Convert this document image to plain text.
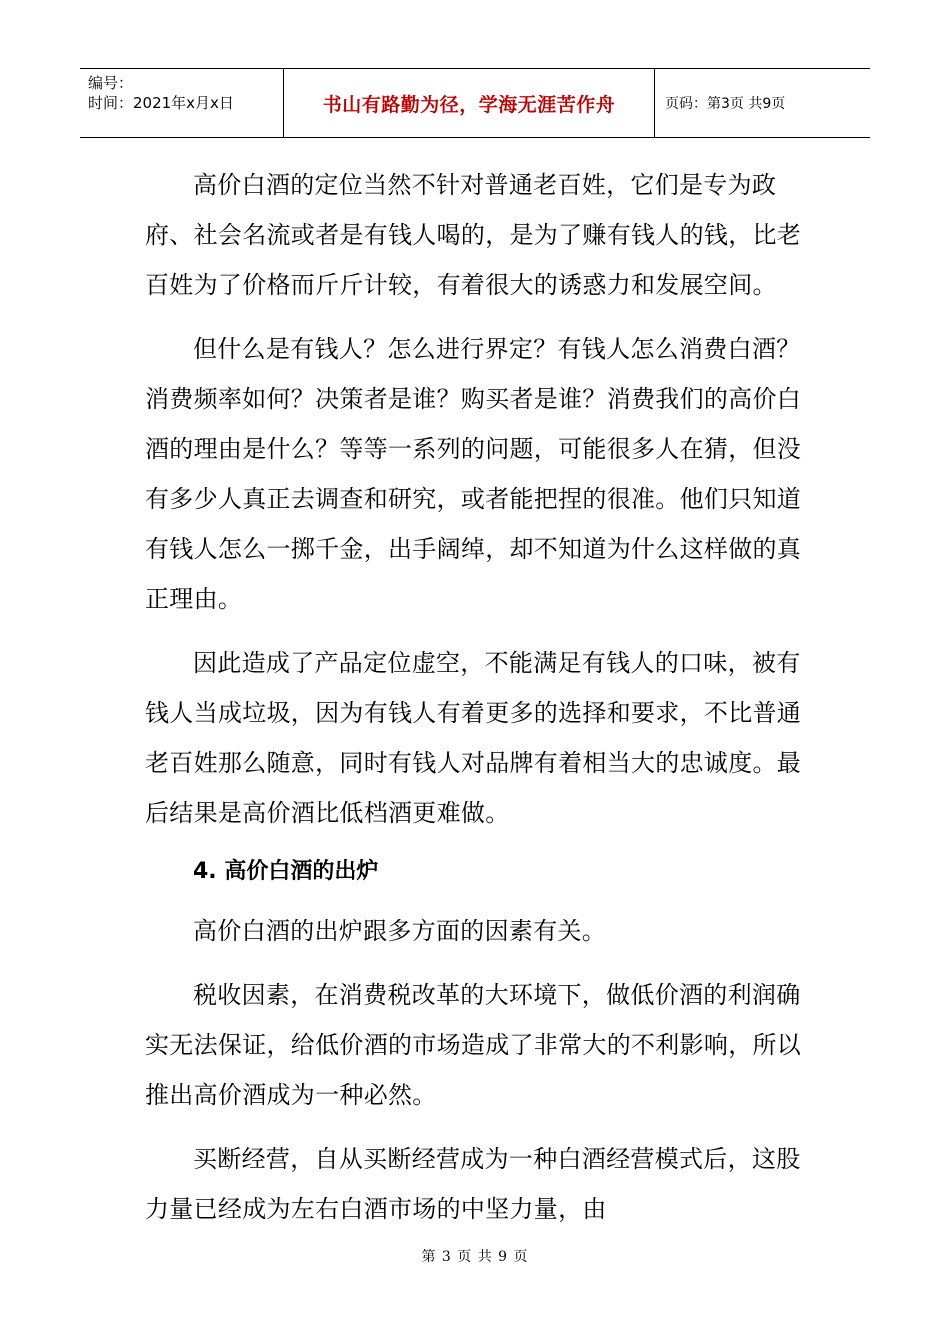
编号：
时间：2021年x月x日	书山有路勤为径，学海无涯苦作舟	页码：第3页 共9页

高价白酒的定位当然不针对普通老百姓，它们是专为政府、社会名流或者是有钱人喝的，是为了赚有钱人的钱，比老百姓为了价格而斤斤计较，有着很大的诱惑力和发展空间。

但什么是有钱人？怎么进行界定？有钱人怎么消费白酒？消费频率如何？决策者是谁？购买者是谁？消费我们的高价白酒的理由是什么？等等一系列的问题，可能很多人在猜，但没有多少人真正去调查和研究，或者能把捏的很准。他们只知道有钱人怎么一掷千金，出手阔绰，却不知道为什么这样做的真正理由。

因此造成了产品定位虚空，不能满足有钱人的口味，被有钱人当成垃圾，因为有钱人有着更多的选择和要求，不比普通老百姓那么随意，同时有钱人对品牌有着相当大的忠诚度。最后结果是高价酒比低档酒更难做。

4. 高价白酒的出炉

高价白酒的出炉跟多方面的因素有关。

税收因素，在消费税改革的大环境下，做低价酒的利润确实无法保证，给低价酒的市场造成了非常大的不利影响，所以推出高价酒成为一种必然。

买断经营，自从买断经营成为一种白酒经营模式后，这股力量已经成为左右白酒市场的中坚力量，由

第 3 页 共 9 页
